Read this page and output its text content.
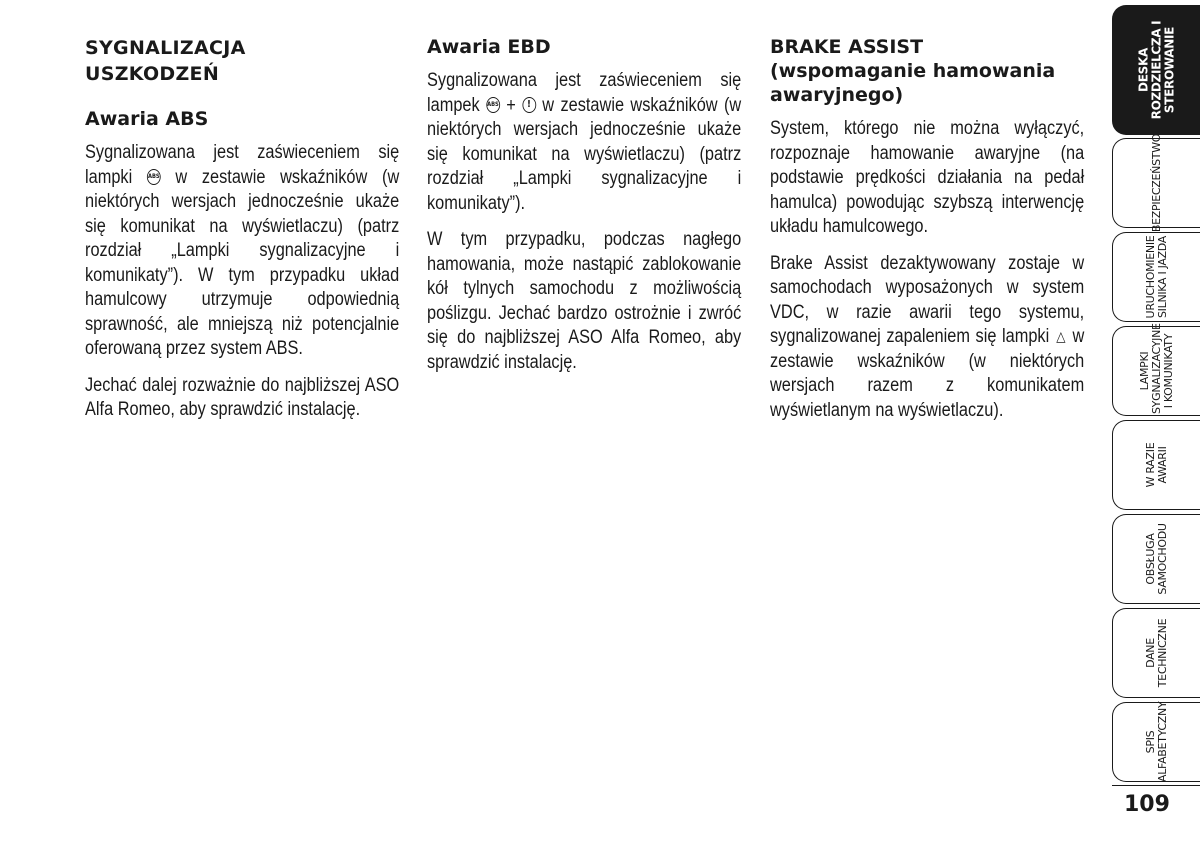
SYGNALIZACJA
USZKODZEŃ
Awaria ABS

Sygnalizowana jest zaświeceniem się lampki	ABS w zestawie wskaźników (w niektórych wersjach jednocześnie ukaże się komunikat na wyświetlaczu) (patrz rozdział „Lampki sygnalizacyjne i komunikaty”). W tym przypadku układ hamulcowy utrzymuje odpowiednią sprawność, ale mniejszą niż potencjalnie oferowaną przez system ABS.

Jechać dalej rozważnie do najbliższej ASO Alfa Romeo, aby sprawdzić instalację.

Awaria EBD

Sygnalizowana jest zaświeceniem się lampek ABS + ! w zestawie wskaźników (w niektórych wersjach jednocześnie ukaże się komunikat na wyświetlaczu) (patrz rozdział „Lampki sygnalizacyjne i komunikaty”).

W tym przypadku, podczas nagłego hamowania, może nastąpić zablokowanie kół tylnych samochodu z możliwością poślizgu. Jechać bardzo ostrożnie i zwróć się do najbliższej ASO Alfa Romeo, aby sprawdzić instalację.

BRAKE ASSIST
(wspomaganie hamowania
awaryjnego)

System, którego nie można wyłączyć, rozpoznaje hamowanie awaryjne (na podstawie prędkości działania na pedał hamulca) powodując szybszą interwencję układu hamulcowego.

Brake Assist dezaktywowany zostaje w samochodach wyposażonych w system VDC, w razie awarii tego systemu, sygnalizowanej zapaleniem się lampki △ w zestawie wskaźników (w niektórych wersjach razem z komunikatem wyświetlanym na wyświetlaczu).

DESKA ROZDZIELCZA I STEROWANIE
BEZPIECZEŃSTWO
URUCHOMIENIE SILNIKA I JAZDA
LAMPKI SYGNALIZACYJNE I KOMUNIKATY
W RAZIE AWARII
OBSŁUGA SAMOCHODU
DANE TECHNICZNE
SPIS ALFABETYCZNY
109
